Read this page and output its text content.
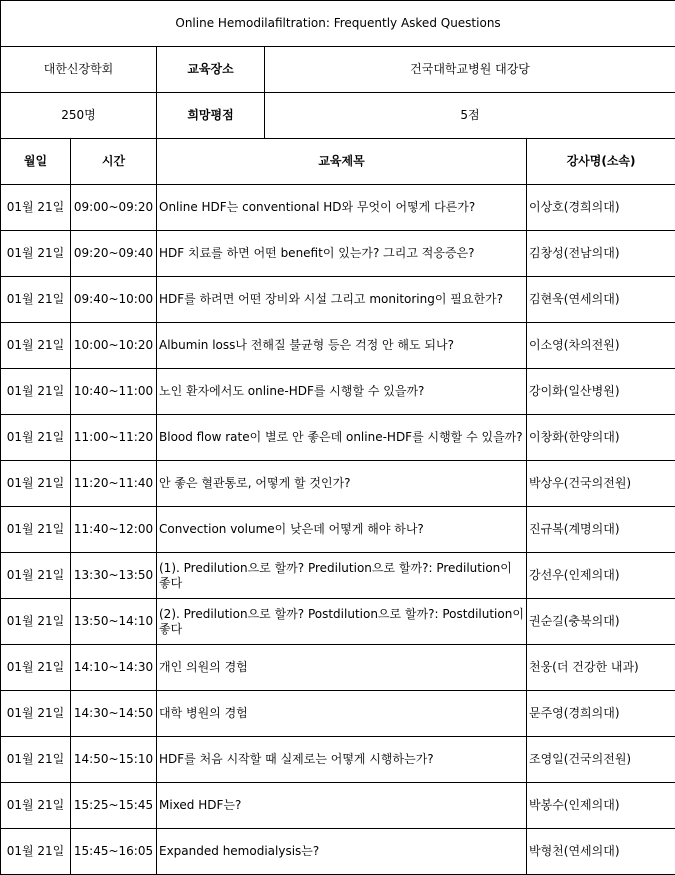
Online Hemodilafiltration: Frequently Asked Questions				
대한신장학회		교육장소	건국대학교병원 대강당	
250명		희망평점	5점	
월일	시간	교육제목		강사명(소속)
01월 21일	09:00~09:20	Online HDF는 conventional HD와 무엇이 어떻게 다른가?		이상호(경희의대)
01월 21일	09:20~09:40	HDF 치료를 하면 어떤 benefit이 있는가? 그리고 적응증은?		김창성(전남의대)
01월 21일	09:40~10:00	HDF를 하려면 어떤 장비와 시설 그리고 monitoring이 필요한가?		김현욱(연세의대)
01월 21일	10:00~10:20	Albumin loss나 전해질 불균형 등은 걱정 안 해도 되나?		이소영(차의전원)
01월 21일	10:40~11:00	노인 환자에서도 online-HDF를 시행할 수 있을까?		강이화(일산병원)
01월 21일	11:00~11:20	Blood flow rate이 별로 안 좋은데 online-HDF를 시행할 수 있을까?		이창화(한양의대)
01월 21일	11:20~11:40	안 좋은 혈관통로, 어떻게 할 것인가?		박상우(건국의전원)
01월 21일	11:40~12:00	Convection volume이 낮은데 어떻게 해야 하나?		진규복(계명의대)
01월 21일	13:30~13:50	(1). Predilution으로 할까? Predilution으로 할까?: Predilution이 좋다		강선우(인제의대)
01월 21일	13:50~14:10	(2). Predilution으로 할까? Postdilution으로 할까?: Postdilution이 좋다		권순길(충북의대)
01월 21일	14:10~14:30	개인 의원의 경험		천웅(더 건강한 내과)
01월 21일	14:30~14:50	대학 병원의 경험		문주영(경희의대)
01월 21일	14:50~15:10	HDF를 처음 시작할 때 실제로는 어떻게 시행하는가?		조영일(건국의전원)
01월 21일	15:25~15:45	Mixed HDF는?		박봉수(인제의대)
01월 21일	15:45~16:05	Expanded hemodialysis는?		박형천(연세의대)
